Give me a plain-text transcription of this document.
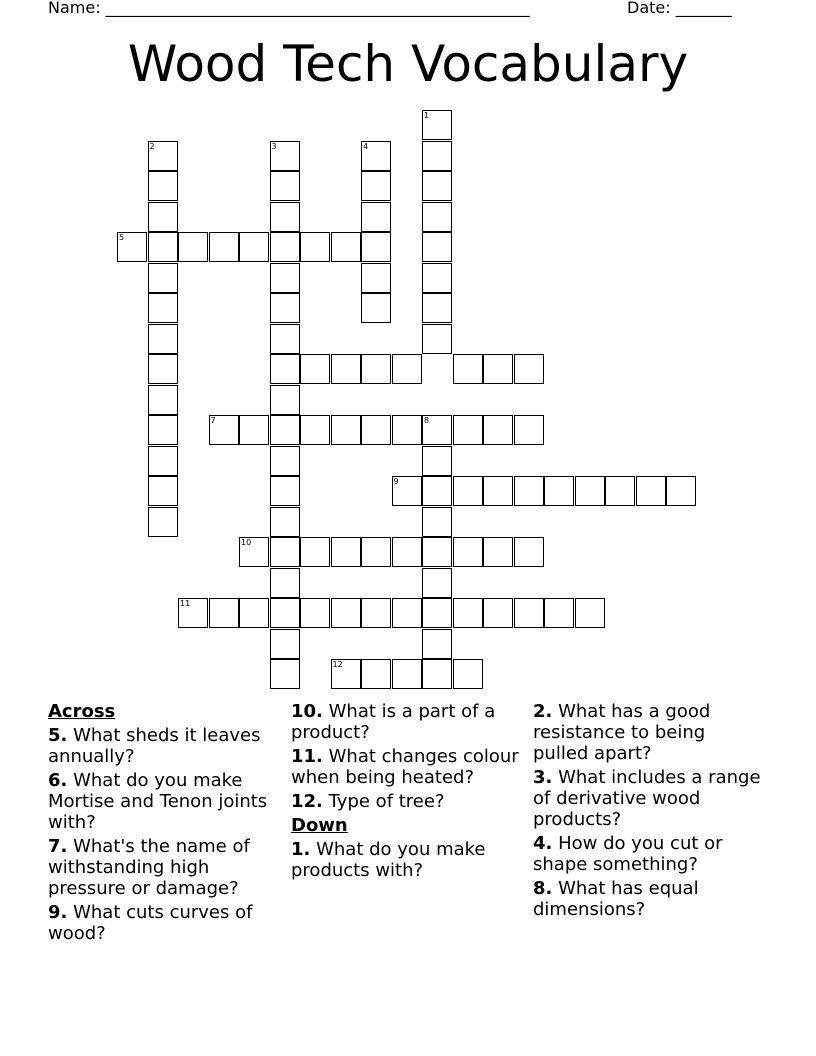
Name: _____________________________________________________	Date: _______
Wood Tech Vocabulary
1
2	3	4
5
7	8
9
10
11
12
Across
5. What sheds it leaves annually?
6. What do you make Mortise and Tenon joints with?
7. What's the name of withstanding high pressure or damage?
9. What cuts curves of wood?
10. What is a part of a product?
11. What changes colour when being heated?
12. Type of tree?
Down
1. What do you make products with?
2. What has a good resistance to being pulled apart?
3. What includes a range of derivative wood products?
4. How do you cut or shape something?
8. What has equal dimensions?
